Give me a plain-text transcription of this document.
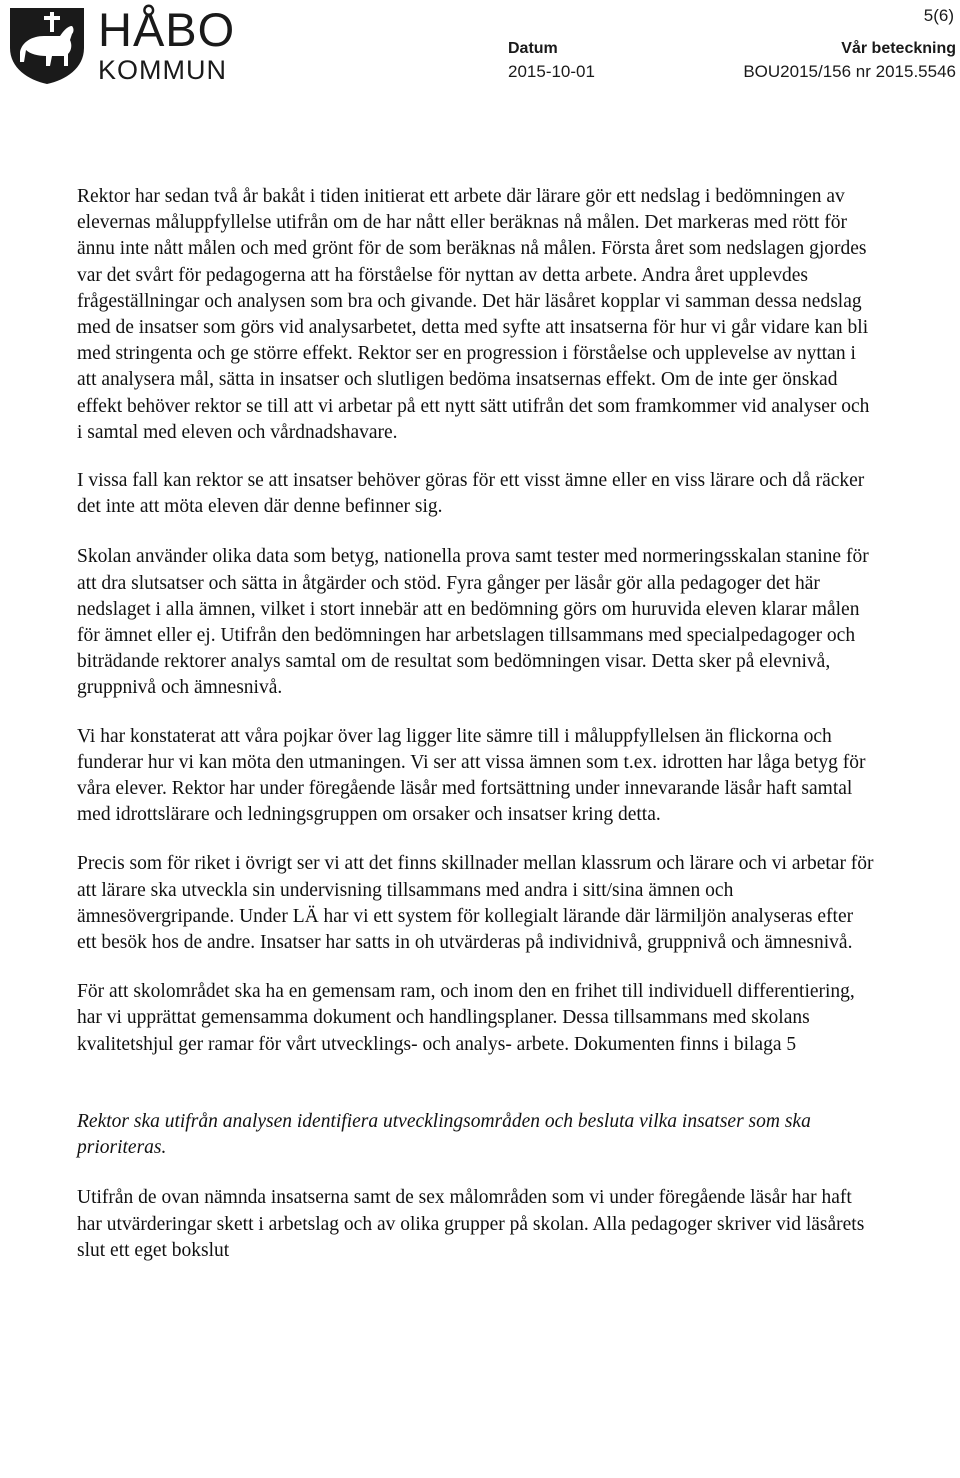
HÅBO
KOMMUN
5(6)
Datum
2015-10-01
Vår beteckning
BOU2015/156 nr 2015.5546

Rektor har sedan två år bakåt i tiden initierat ett arbete där lärare gör ett nedslag i bedömningen av elevernas måluppfyllelse utifrån om de har nått eller beräknas nå målen. Det markeras med rött för ännu inte nått målen och med grönt för de som beräknas nå målen. Första året som nedslagen gjordes var det svårt för pedagogerna att ha förståelse för nyttan av detta arbete. Andra året upplevdes frågeställningar och analysen som bra och givande. Det här läsåret kopplar vi samman dessa nedslag med de insatser som görs vid analysarbetet, detta med syfte att insatserna för hur vi går vidare kan bli med stringenta och ge större effekt. Rektor ser en progression i förståelse och upplevelse av nyttan i att analysera mål, sätta in insatser och slutligen bedöma insatsernas effekt. Om de inte ger önskad effekt behöver rektor se till att vi arbetar på ett nytt sätt utifrån det som framkommer vid analyser och i samtal med eleven och vårdnadshavare.

I vissa fall kan rektor se att insatser behöver göras för ett visst ämne eller en viss lärare och då räcker det inte att möta eleven där denne befinner sig.

Skolan använder olika data som betyg, nationella prova samt tester med normeringsskalan stanine för att dra slutsatser och sätta in åtgärder och stöd. Fyra gånger per läsår gör alla pedagoger det här nedslaget i alla ämnen, vilket i stort innebär att en bedömning görs om huruvida eleven klarar målen för ämnet eller ej. Utifrån den bedömningen har arbetslagen tillsammans med specialpedagoger och biträdande rektorer analys samtal om de resultat som bedömningen visar. Detta sker på elevnivå, gruppnivå och ämnesnivå.

Vi har konstaterat att våra pojkar över lag ligger lite sämre till i måluppfyllelsen än flickorna och funderar hur vi kan möta den utmaningen. Vi ser att vissa ämnen som t.ex. idrotten har låga betyg för våra elever. Rektor har under föregående läsår med fortsättning under innevarande läsår haft samtal med idrottslärare och ledningsgruppen om orsaker och insatser kring detta.

Precis som för riket i övrigt ser vi att det finns skillnader mellan klassrum och lärare och vi arbetar för att lärare ska utveckla sin undervisning tillsammans med andra i sitt/sina ämnen och ämnesövergripande. Under LÄ har vi ett system för kollegialt lärande där lärmiljön analyseras efter ett besök hos de andre. Insatser har satts in oh utvärderas på individnivå, gruppnivå och ämnesnivå.

För att skolområdet ska ha en gemensam ram, och inom den en frihet till individuell differentiering, har vi upprättat gemensamma dokument och handlingsplaner. Dessa tillsammans med skolans kvalitetshjul ger ramar för vårt utvecklings- och analys- arbete. Dokumenten finns i bilaga 5

Rektor ska utifrån analysen identifiera utvecklingsområden och besluta vilka insatser som ska prioriteras.

Utifrån de ovan nämnda insatserna samt de sex målområden som vi under föregående läsår har haft har utvärderingar skett i arbetslag och av olika grupper på skolan. Alla pedagoger skriver vid läsårets slut ett eget bokslut
